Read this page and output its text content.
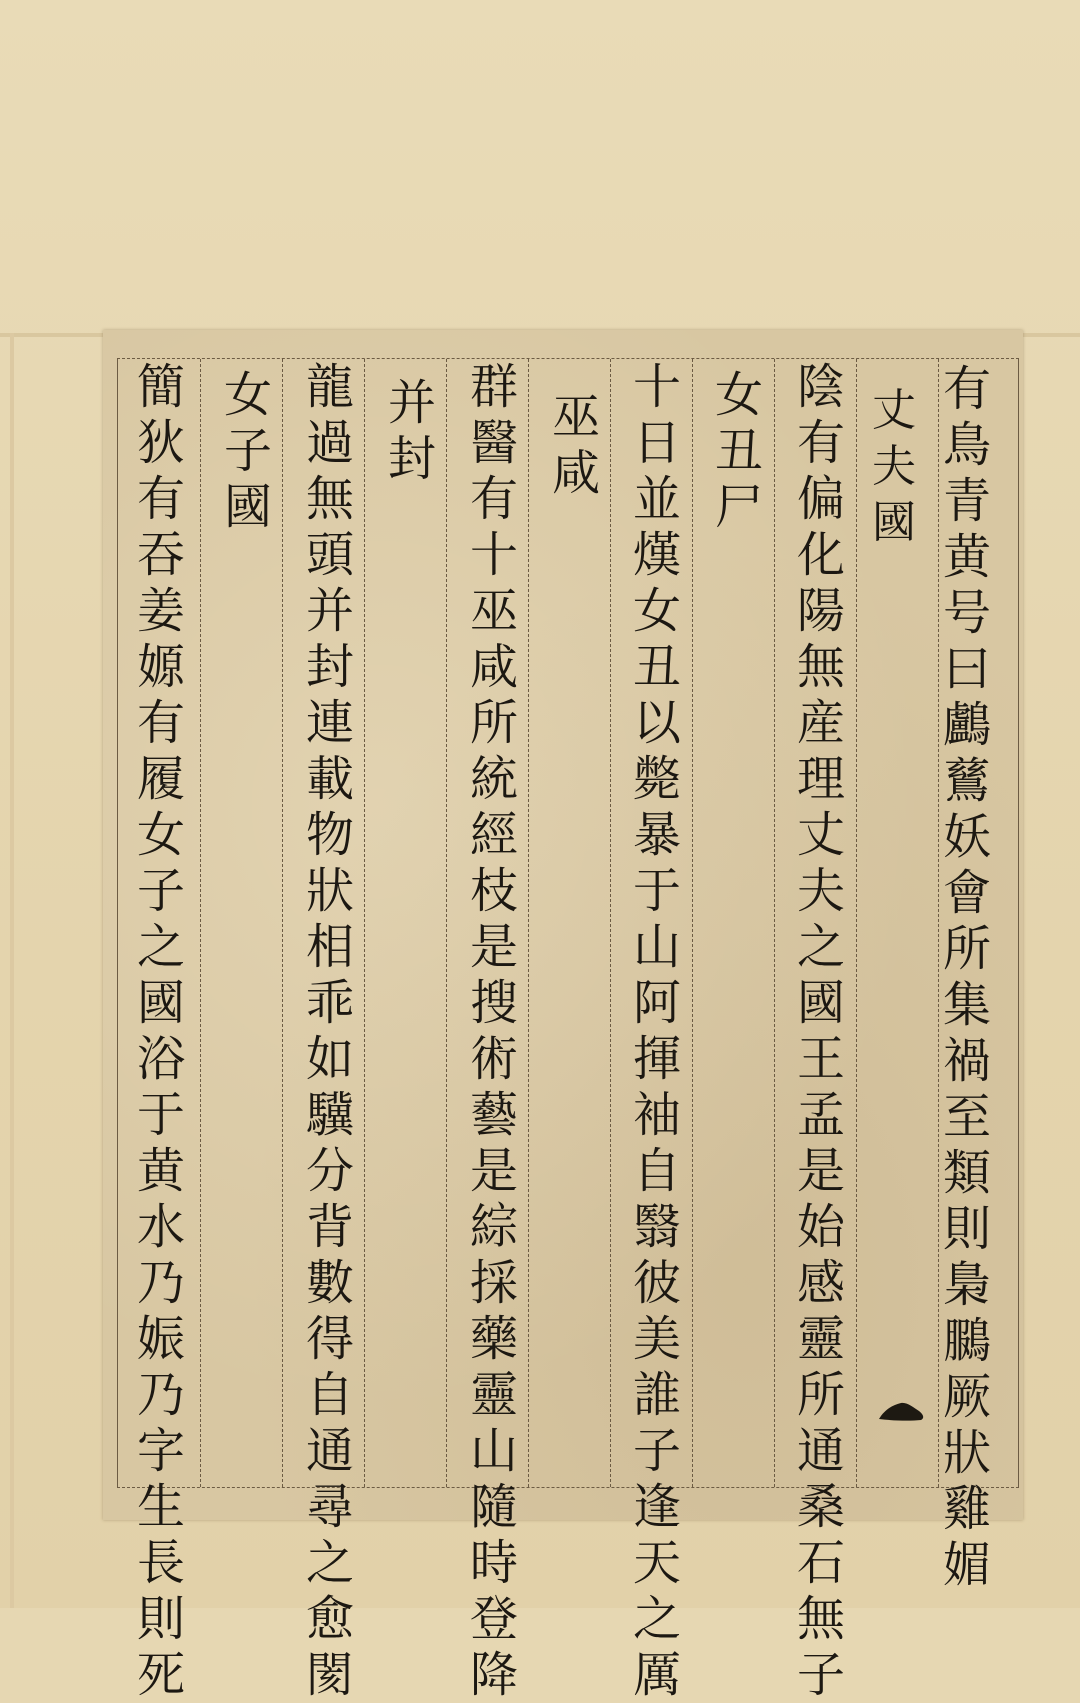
有
鳥
青
黄
号
曰
鸕
鶿
妖
會
所
集
禍
至
類
則
梟
鵩
厥
狀
雞
媚
丈
夫
國
陰
有
偏
化
陽
無
産
理
丈
夫
之
國
王
孟
是
始
感
靈
所
通
桑
石
無
子
女
丑
尸
十
日
並
熯
女
丑
以
斃
暴
于
山
阿
揮
袖
自
翳
彼
美
誰
子
逢
天
之
厲
巫
咸
群
醫
有
十
巫
咸
所
統
經
枝
是
搜
術
藝
是
綜
採
藥
靈
山
隨
時
登
降
并
封
龍
過
無
頭
并
封
連
載
物
狀
相
乖
如
驥
分
背
數
得
自
通
尋
之
愈
閡
女
子
國
簡
狄
有
吞
姜
嫄
有
履
女
子
之
國
浴
于
黄
水
乃
娠
乃
字
生
長
則
死
